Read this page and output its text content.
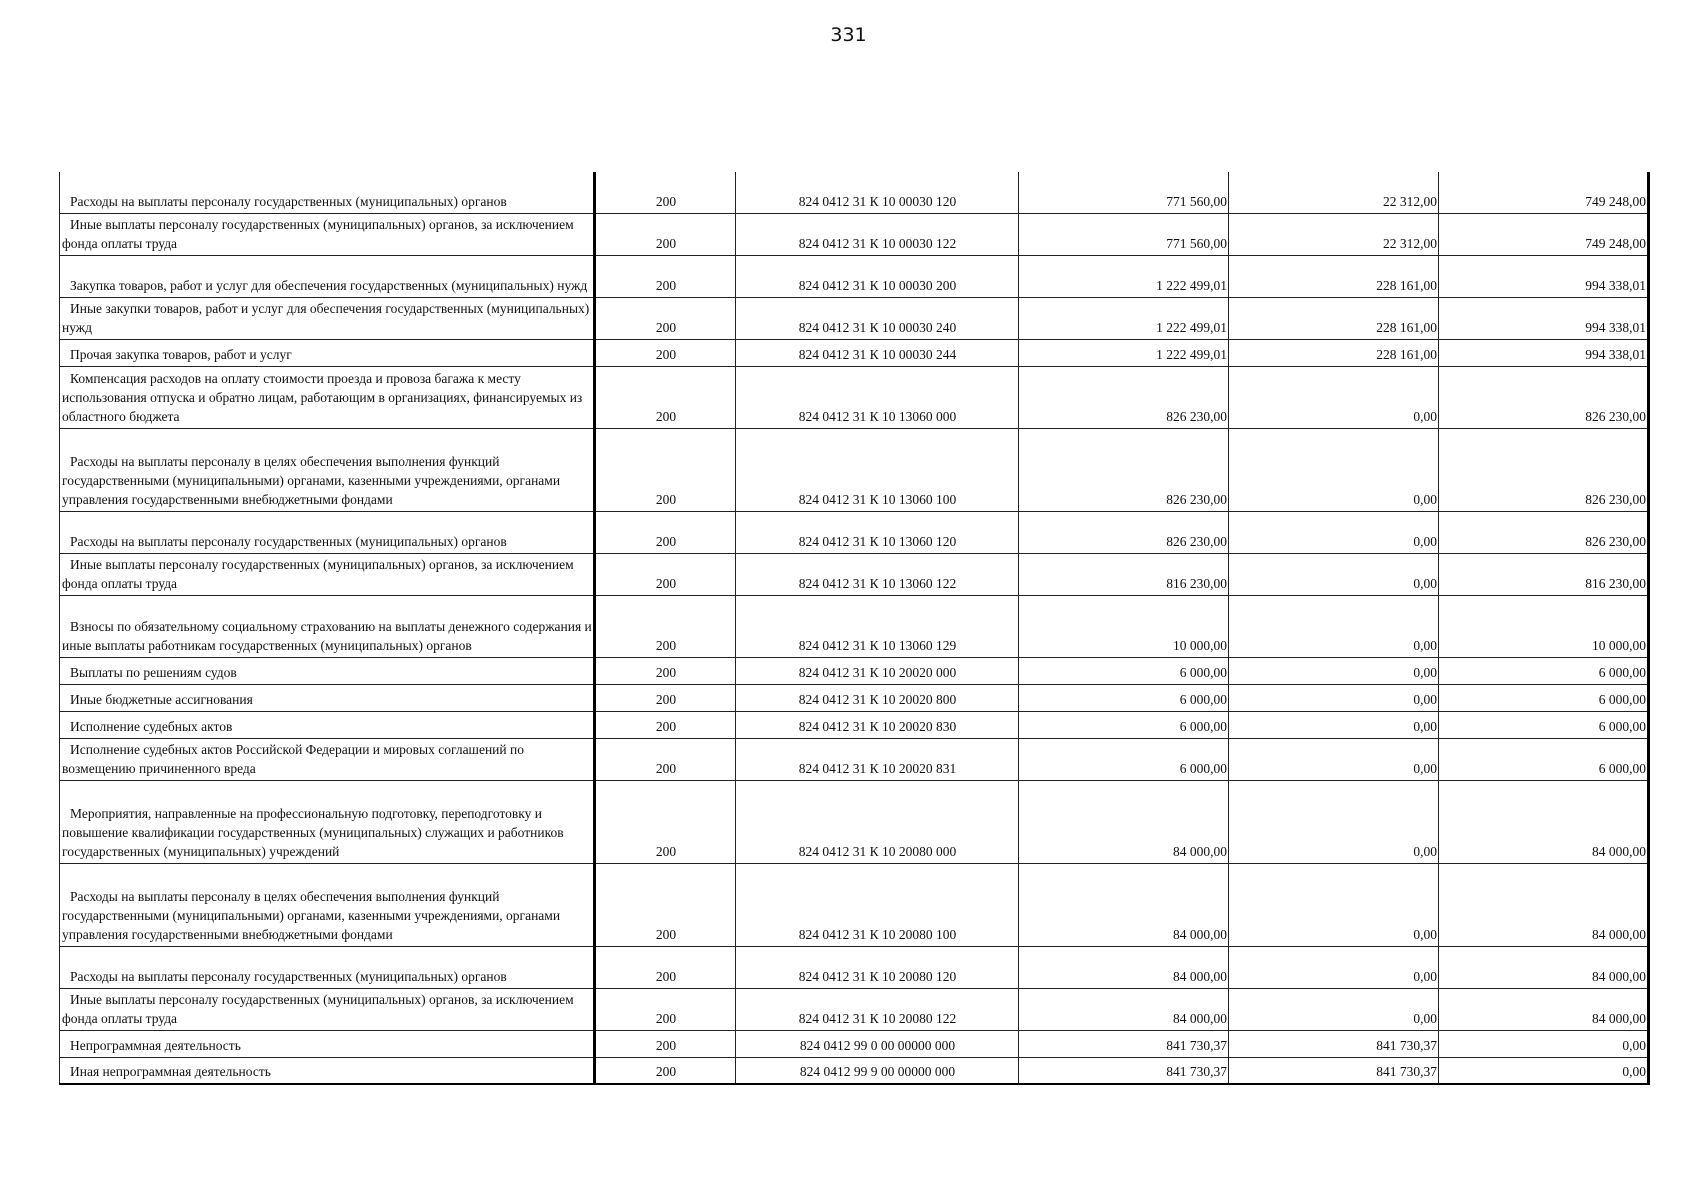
331
Расходы на выплаты персоналу государственных (муниципальных) органов	200	824 0412 31 К 10 00030 120	771 560,00	22 312,00	749 248,00

Иные выплаты персоналу государственных (муниципальных) органов, за исключением фонда оплаты труда	200	824 0412 31 К 10 00030 122	771 560,00	22 312,00	749 248,00

Закупка товаров, работ и услуг для обеспечения государственных (муниципальных) нужд	200	824 0412 31 К 10 00030 200	1 222 499,01	228 161,00	994 338,01

Иные закупки товаров, работ и услуг для обеспечения государственных (муниципальных) нужд	200	824 0412 31 К 10 00030 240	1 222 499,01	228 161,00	994 338,01

Прочая закупка товаров, работ и услуг	200	824 0412 31 К 10 00030 244	1 222 499,01	228 161,00	994 338,01

Компенсация расходов на оплату стоимости проезда и провоза багажа к месту использования отпуска и обратно лицам, работающим в организациях, финансируемых из областного бюджета	200	824 0412 31 К 10 13060 000	826 230,00	0,00	826 230,00

Расходы на выплаты персоналу в целях обеспечения выполнения функций государственными (муниципальными) органами, казенными учреждениями, органами управления государственными внебюджетными фондами	200	824 0412 31 К 10 13060 100	826 230,00	0,00	826 230,00

Расходы на выплаты персоналу государственных (муниципальных) органов	200	824 0412 31 К 10 13060 120	826 230,00	0,00	826 230,00

Иные выплаты персоналу государственных (муниципальных) органов, за исключением фонда оплаты труда	200	824 0412 31 К 10 13060 122	816 230,00	0,00	816 230,00

Взносы по обязательному социальному страхованию на выплаты денежного содержания и иные выплаты работникам государственных (муниципальных) органов	200	824 0412 31 К 10 13060 129	10 000,00	0,00	10 000,00

Выплаты по решениям судов	200	824 0412 31 К 10 20020 000	6 000,00	0,00	6 000,00

Иные бюджетные ассигнования	200	824 0412 31 К 10 20020 800	6 000,00	0,00	6 000,00

Исполнение судебных актов	200	824 0412 31 К 10 20020 830	6 000,00	0,00	6 000,00

Исполнение судебных актов Российской Федерации и мировых соглашений по возмещению причиненного вреда	200	824 0412 31 К 10 20020 831	6 000,00	0,00	6 000,00

Мероприятия, направленные на профессиональную подготовку, переподготовку и повышение квалификации государственных (муниципальных) служащих и работников государственных (муниципальных) учреждений	200	824 0412 31 К 10 20080 000	84 000,00	0,00	84 000,00

Расходы на выплаты персоналу в целях обеспечения выполнения функций государственными (муниципальными) органами, казенными учреждениями, органами управления государственными внебюджетными фондами	200	824 0412 31 К 10 20080 100	84 000,00	0,00	84 000,00

Расходы на выплаты персоналу государственных (муниципальных) органов	200	824 0412 31 К 10 20080 120	84 000,00	0,00	84 000,00

Иные выплаты персоналу государственных (муниципальных) органов, за исключением фонда оплаты труда	200	824 0412 31 К 10 20080 122	84 000,00	0,00	84 000,00

Непрограммная деятельность	200	824 0412 99 0 00 00000 000	841 730,37	841 730,37	0,00

Иная непрограммная деятельность	200	824 0412 99 9 00 00000 000	841 730,37	841 730,37	0,00
